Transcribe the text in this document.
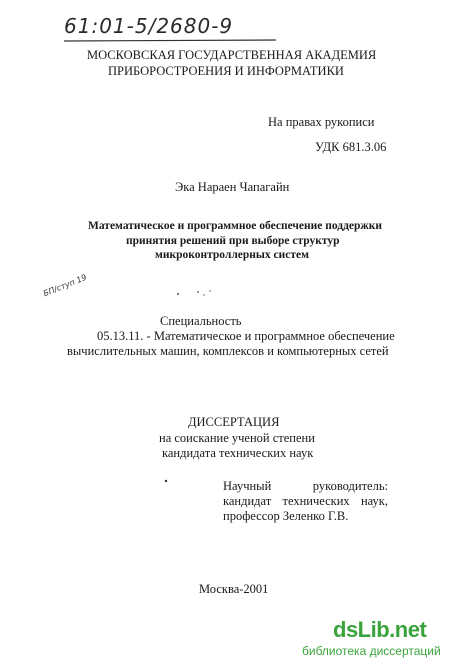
61:01-5/2680-9
МОСКОВСКАЯ ГОСУДАРСТВЕННАЯ АКАДЕМИЯ
ПРИБОРОСТРОЕНИЯ И ИНФОРМАТИКИ
На правах рукописи
УДК 681.3.06
Эка Нараен Чапагайн
Математическое и программное обеспечение поддержки
принятия решений при выборе структур
микроконтроллерных систем
БП/ступ 19
Специальность
05.13.11. - Математическое и программное обеспечение
вычислительных машин, комплексов и компьютерных сетей
ДИССЕРТАЦИЯ
на соискание ученой степени
кандидата технических наук
Научный	руководитель:
кандидат технических наук,
профессор Зеленко Г.В.
Москва-2001
dsLib .net
библиотека диссертаций
